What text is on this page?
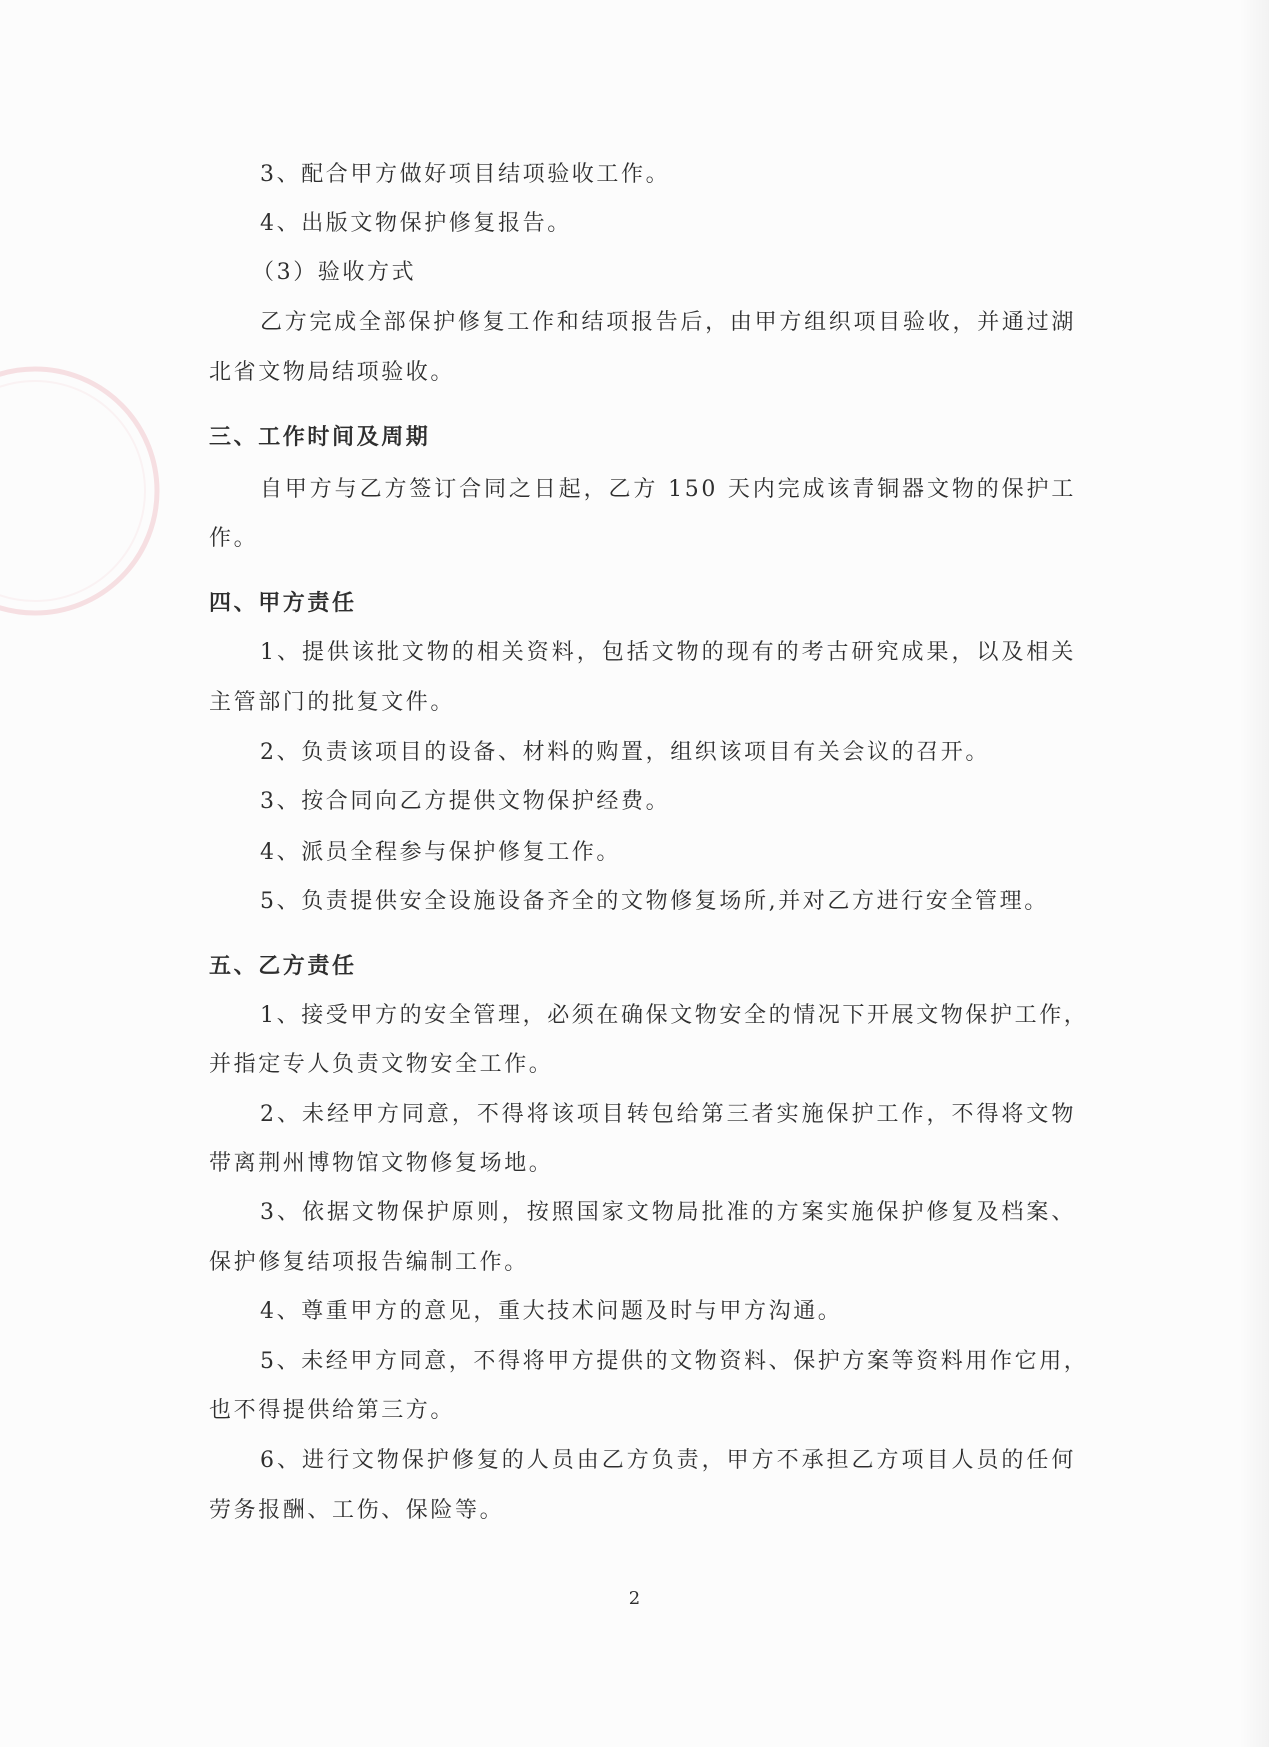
3、配合甲方做好项目结项验收工作。
4、出版文物保护修复报告。
（3）验收方式
乙方完成全部保护修复工作和结项报告后，由甲方组织项目验收，并通过湖
北省文物局结项验收。
三、工作时间及周期
自甲方与乙方签订合同之日起，乙方 150 天内完成该青铜器文物的保护工
作。
四、甲方责任
1、提供该批文物的相关资料，包括文物的现有的考古研究成果，以及相关
主管部门的批复文件。
2、负责该项目的设备、材料的购置，组织该项目有关会议的召开。
3、按合同向乙方提供文物保护经费。
4、派员全程参与保护修复工作。
5、负责提供安全设施设备齐全的文物修复场所,并对乙方进行安全管理。
五、乙方责任
1、接受甲方的安全管理，必须在确保文物安全的情况下开展文物保护工作，
并指定专人负责文物安全工作。
2、未经甲方同意，不得将该项目转包给第三者实施保护工作，不得将文物
带离荆州博物馆文物修复场地。
3、依据文物保护原则，按照国家文物局批准的方案实施保护修复及档案、
保护修复结项报告编制工作。
4、尊重甲方的意见，重大技术问题及时与甲方沟通。
5、未经甲方同意，不得将甲方提供的文物资料、保护方案等资料用作它用，
也不得提供给第三方。
6、进行文物保护修复的人员由乙方负责，甲方不承担乙方项目人员的任何
劳务报酬、工伤、保险等。
2
